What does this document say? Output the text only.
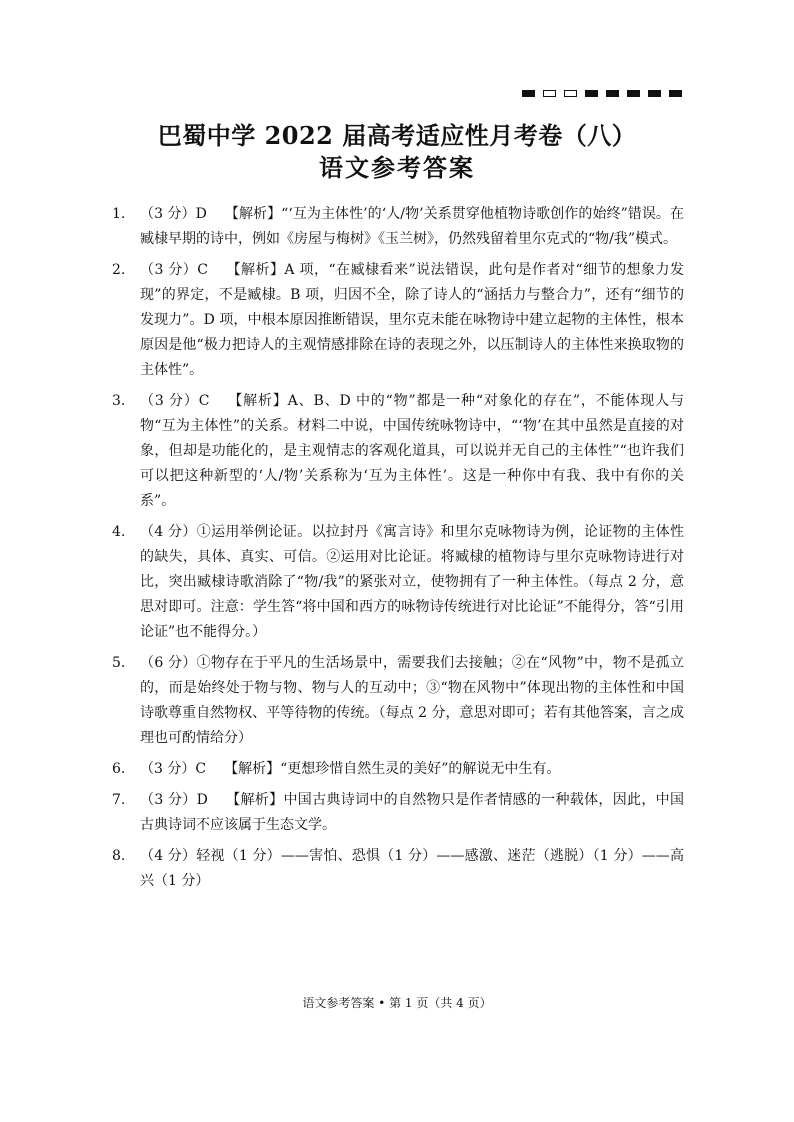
巴蜀中学 2022 届高考适应性月考卷（八）
语文参考答案
1.	（3 分）D 【解析】“‘互为主体性’的‘人/物’关系贯穿他植物诗歌创作的始终”错误。在臧棣早期的诗中，例如《房屋与梅树》《玉兰树》，仍然残留着里尔克式的“物/我”模式。
2.	（3 分）C 【解析】A 项，“在臧棣看来”说法错误，此句是作者对“细节的想象力发现”的界定，不是臧棣。B 项，归因不全，除了诗人的“涵括力与整合力”，还有“细节的发现力”。D 项，中根本原因推断错误，里尔克未能在咏物诗中建立起物的主体性，根本原因是他“极力把诗人的主观情感排除在诗的表现之外，以压制诗人的主体性来换取物的主体性”。
3.	（3 分）C 【解析】A、B、D 中的“物”都是一种“对象化的存在”，不能体现人与物“互为主体性”的关系。材料二中说，中国传统咏物诗中，“‘物’在其中虽然是直接的对象，但却是功能化的，是主观情志的客观化道具，可以说并无自己的主体性”“也许我们可以把这种新型的‘人/物’关系称为‘互为主体性’。这是一种你中有我、我中有你的关系”。
4.	（4 分）①运用举例论证。以拉封丹《寓言诗》和里尔克咏物诗为例，论证物的主体性的缺失，具体、真实、可信。②运用对比论证。将臧棣的植物诗与里尔克咏物诗进行对比，突出臧棣诗歌消除了“物/我”的紧张对立，使物拥有了一种主体性。（每点 2 分，意思对即可。注意：学生答“将中国和西方的咏物诗传统进行对比论证”不能得分，答“引用论证”也不能得分。）
5.	（6 分）①物存在于平凡的生活场景中，需要我们去接触；②在“风物”中，物不是孤立的，而是始终处于物与物、物与人的互动中；③“物在风物中”体现出物的主体性和中国诗歌尊重自然物权、平等待物的传统。（每点 2 分，意思对即可；若有其他答案，言之成理也可酌情给分）
6.	（3 分）C 【解析】“更想珍惜自然生灵的美好”的解说无中生有。
7.	（3 分）D 【解析】中国古典诗词中的自然物只是作者情感的一种载体，因此，中国古典诗词不应该属于生态文学。
8.	（4 分）轻视（1 分）——害怕、恐惧（1 分）——感激、迷茫（逃脱）（1 分）——高兴（1 分）
语文参考答案 • 第 1 页（共 4 页）
